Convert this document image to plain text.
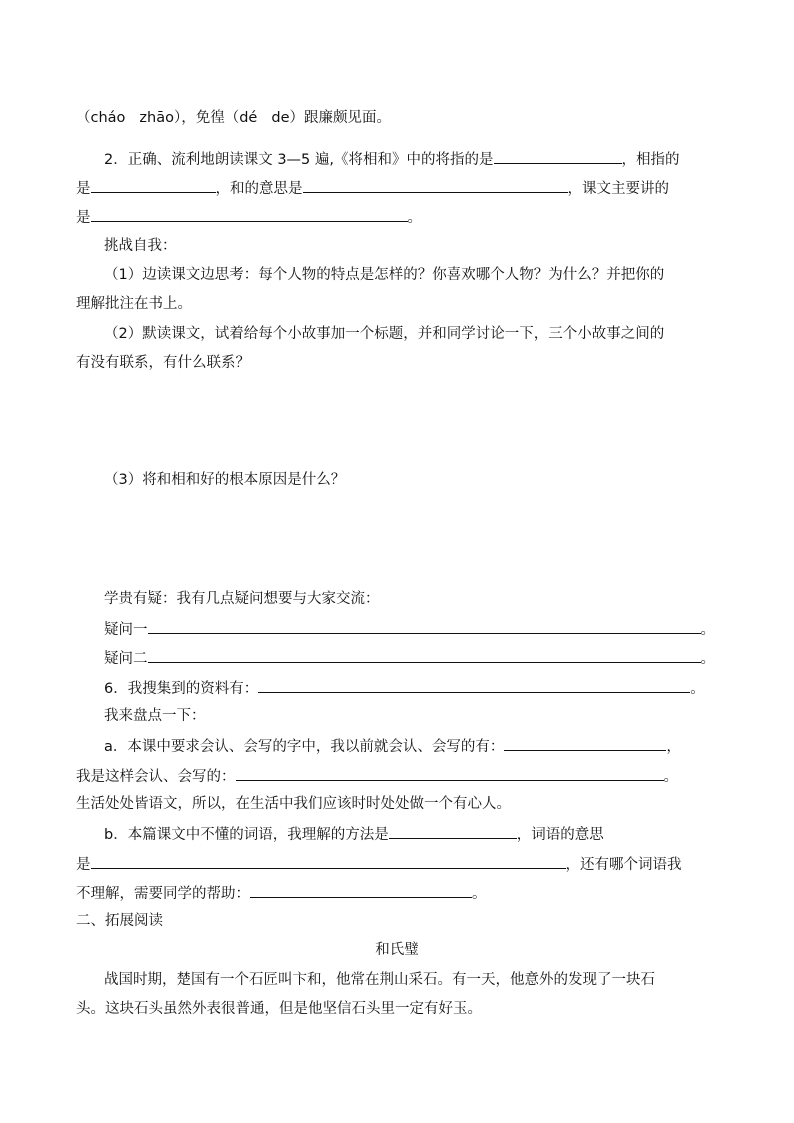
（cháo zhāo），免徨（dé de）跟廉颇见面。
2．正确、流利地朗读课文 3—5 遍,《将相和》中的将指的是	，相指的
是	，和的意思是	，课文主要讲的
是	。
挑战自我：
（1）边读课文边思考：每个人物的特点是怎样的？你喜欢哪个人物？为什么？并把你的
理解批注在书上。
（2）默读课文，试着给每个小故事加一个标题，并和同学讨论一下，三个小故事之间的
有没有联系，有什么联系？
（3）将和相和好的根本原因是什么？
学贵有疑：我有几点疑问想要与大家交流：
疑问一	。
疑问二	。
6．我搜集到的资料有：	。
我来盘点一下：
a．本课中要求会认、会写的字中，我以前就会认、会写的有：	，
我是这样会认、会写的：	。
生活处处皆语文，所以，在生活中我们应该时时处处做一个有心人。
b．本篇课文中不懂的词语，我理解的方法是	，词语的意思
是	，还有哪个词语我
不理解，需要同学的帮助：	。
二、拓展阅读
和氏璧
战国时期，楚国有一个石匠叫卞和，他常在荆山采石。有一天，他意外的发现了一块石
头。这块石头虽然外表很普通，但是他坚信石头里一定有好玉。
